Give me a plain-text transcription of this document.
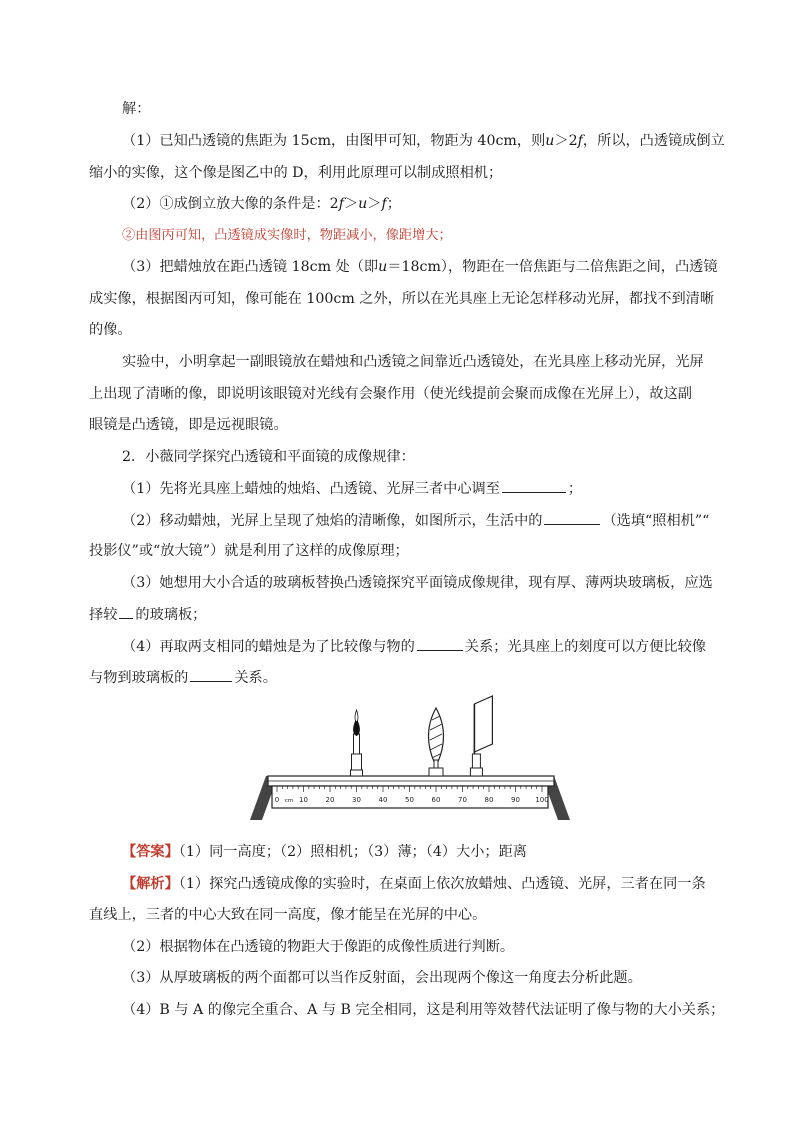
解：
（1）已知凸透镜的焦距为 15cm，由图甲可知，物距为 40cm，则u＞2f，所以，凸透镜成倒立
缩小的实像，这个像是图乙中的 D，利用此原理可以制成照相机；
（2）①成倒立放大像的条件是：2f＞u＞f；
②由图丙可知，凸透镜成实像时，物距减小，像距增大；
（3）把蜡烛放在距凸透镜 18cm 处（即u＝18cm），物距在一倍焦距与二倍焦距之间，凸透镜
成实像，根据图丙可知，像可能在 100cm 之外，所以在光具座上无论怎样移动光屏，都找不到清晰
的像。
实验中，小明拿起一副眼镜放在蜡烛和凸透镜之间靠近凸透镜处，在光具座上移动光屏，光屏
上出现了清晰的像，即说明该眼镜对光线有会聚作用（使光线提前会聚而成像在光屏上），故这副
眼镜是凸透镜，即是远视眼镜。
2．小薇同学探究凸透镜和平面镜的成像规律：
（1）先将光具座上蜡烛的烛焰、凸透镜、光屏三者中心调至	；
（2）移动蜡烛，光屏上呈现了烛焰的清晰像，如图所示，生活中的	（选填“照相机”“
投影仪”或“放大镜”）就是利用了这样的成像原理；
（3）她想用大小合适的玻璃板替换凸透镜探究平面镜成像规律，现有厚、薄两块玻璃板，应选
择较 的玻璃板；
（4）再取两支相同的蜡烛是为了比较像与物的	关系；光具座上的刻度可以方便比较像
与物到玻璃板的	关系。
0 cm 10	20	30	40	50	60	70	80	90 100
【答案】（1）同一高度；（2）照相机；（3）薄；（4）大小；距离
【解析】（1）探究凸透镜成像的实验时，在桌面上依次放蜡烛、凸透镜、光屏，三者在同一条
直线上，三者的中心大致在同一高度，像才能呈在光屏的中心。
（2）根据物体在凸透镜的物距大于像距的成像性质进行判断。
（3）从厚玻璃板的两个面都可以当作反射面，会出现两个像这一角度去分析此题。
（4）B 与 A 的像完全重合、A 与 B 完全相同，这是利用等效替代法证明了像与物的大小关系；
